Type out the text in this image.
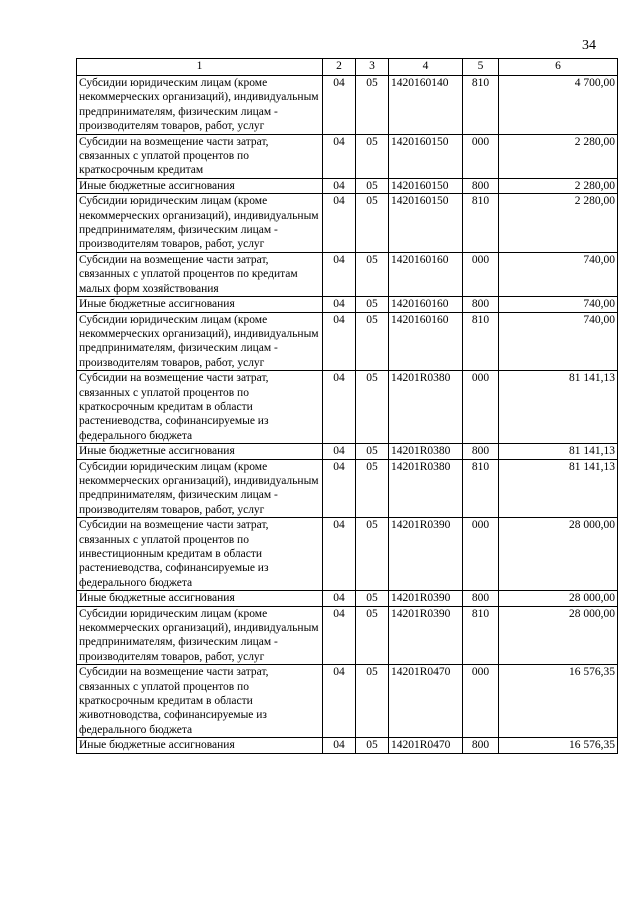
34
1	2	3	4	5	6
Субсидии юридическим лицам (кроме некоммерческих организаций), индивидуальным предпринимателям, физическим лицам - производителям товаров, работ, услуг	04	05	1420160140	810	4 700,00
Субсидии на возмещение части затрат, связанных с уплатой процентов по краткосрочным кредитам	04	05	1420160150	000	2 280,00
Иные бюджетные ассигнования	04	05	1420160150	800	2 280,00
Субсидии юридическим лицам (кроме некоммерческих организаций), индивидуальным предпринимателям, физическим лицам - производителям товаров, работ, услуг	04	05	1420160150	810	2 280,00
Субсидии на возмещение части затрат, связанных с уплатой процентов по кредитам малых форм хозяйствования	04	05	1420160160	000	740,00
Иные бюджетные ассигнования	04	05	1420160160	800	740,00
Субсидии юридическим лицам (кроме некоммерческих организаций), индивидуальным предпринимателям, физическим лицам - производителям товаров, работ, услуг	04	05	1420160160	810	740,00
Субсидии на возмещение части затрат, связанных с уплатой процентов по краткосрочным кредитам в области растениеводства, софинансируемые из федерального бюджета	04	05	14201R0380	000	81 141,13
Иные бюджетные ассигнования	04	05	14201R0380	800	81 141,13
Субсидии юридическим лицам (кроме некоммерческих организаций), индивидуальным предпринимателям, физическим лицам - производителям товаров, работ, услуг	04	05	14201R0380	810	81 141,13
Субсидии на возмещение части затрат, связанных с уплатой процентов по инвестиционным кредитам в области растениеводства, софинансируемые из федерального бюджета	04	05	14201R0390	000	28 000,00
Иные бюджетные ассигнования	04	05	14201R0390	800	28 000,00
Субсидии юридическим лицам (кроме некоммерческих организаций), индивидуальным предпринимателям, физическим лицам - производителям товаров, работ, услуг	04	05	14201R0390	810	28 000,00
Субсидии на возмещение части затрат, связанных с уплатой процентов по краткосрочным кредитам в области животноводства, софинансируемые из федерального бюджета	04	05	14201R0470	000	16 576,35
Иные бюджетные ассигнования	04	05	14201R0470	800	16 576,35
